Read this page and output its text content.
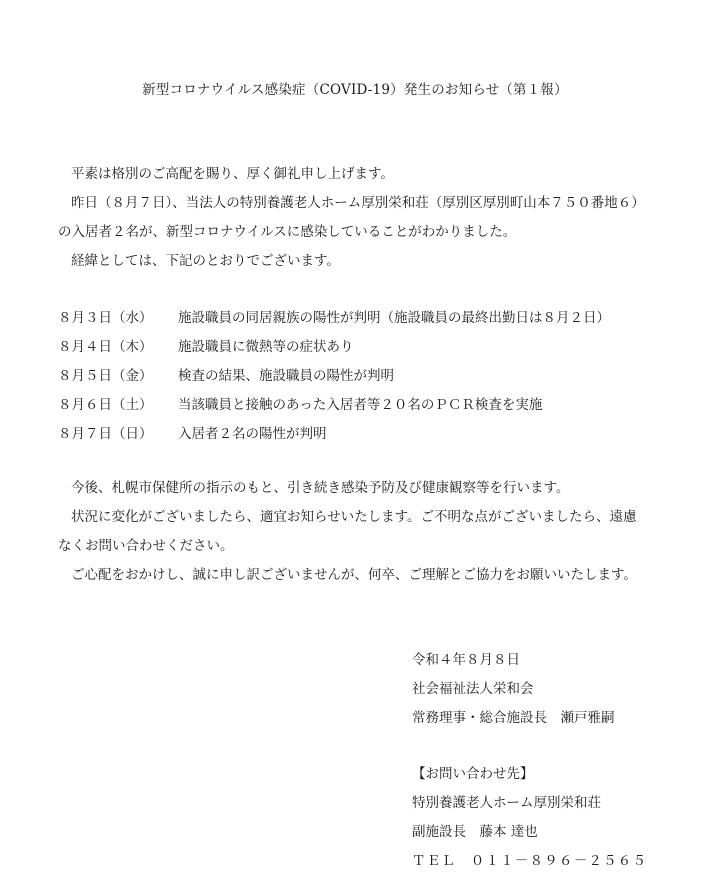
新型コロナウイルス感染症（COVID-19）発生のお知らせ（第１報）

平素は格別のご高配を賜り、厚く御礼申し上げます。

昨日（８月７日）、当法人の特別養護老人ホーム厚別栄和荘（厚別区厚別町山本７５０番地６）

の入居者２名が、新型コロナウイルスに感染していることがわかりました。

経緯としては、下記のとおりでございます。

８月３日（水）	施設職員の同居親族の陽性が判明（施設職員の最終出勤日は８月２日）
８月４日（木）	施設職員に微熱等の症状あり
８月５日（金）	検査の結果、施設職員の陽性が判明
８月６日（土）	当該職員と接触のあった入居者等２０名のＰＣＲ検査を実施
８月７日（日）	入居者２名の陽性が判明

今後、札幌市保健所の指示のもと、引き続き感染予防及び健康観察等を行います。

状況に変化がございましたら、適宜お知らせいたします。ご不明な点がございましたら、遠慮

なくお問い合わせください。

ご心配をおかけし、誠に申し訳ございませんが、何卒、ご理解とご協力をお願いいたします。

令和４年８月８日

社会福祉法人栄和会

常務理事・総合施設長　瀬戸雅嗣

【お問い合わせ先】

特別養護老人ホーム厚別栄和荘

副施設長　藤本 達也

ＴＥＬ　０１１－８９６－２５６５
